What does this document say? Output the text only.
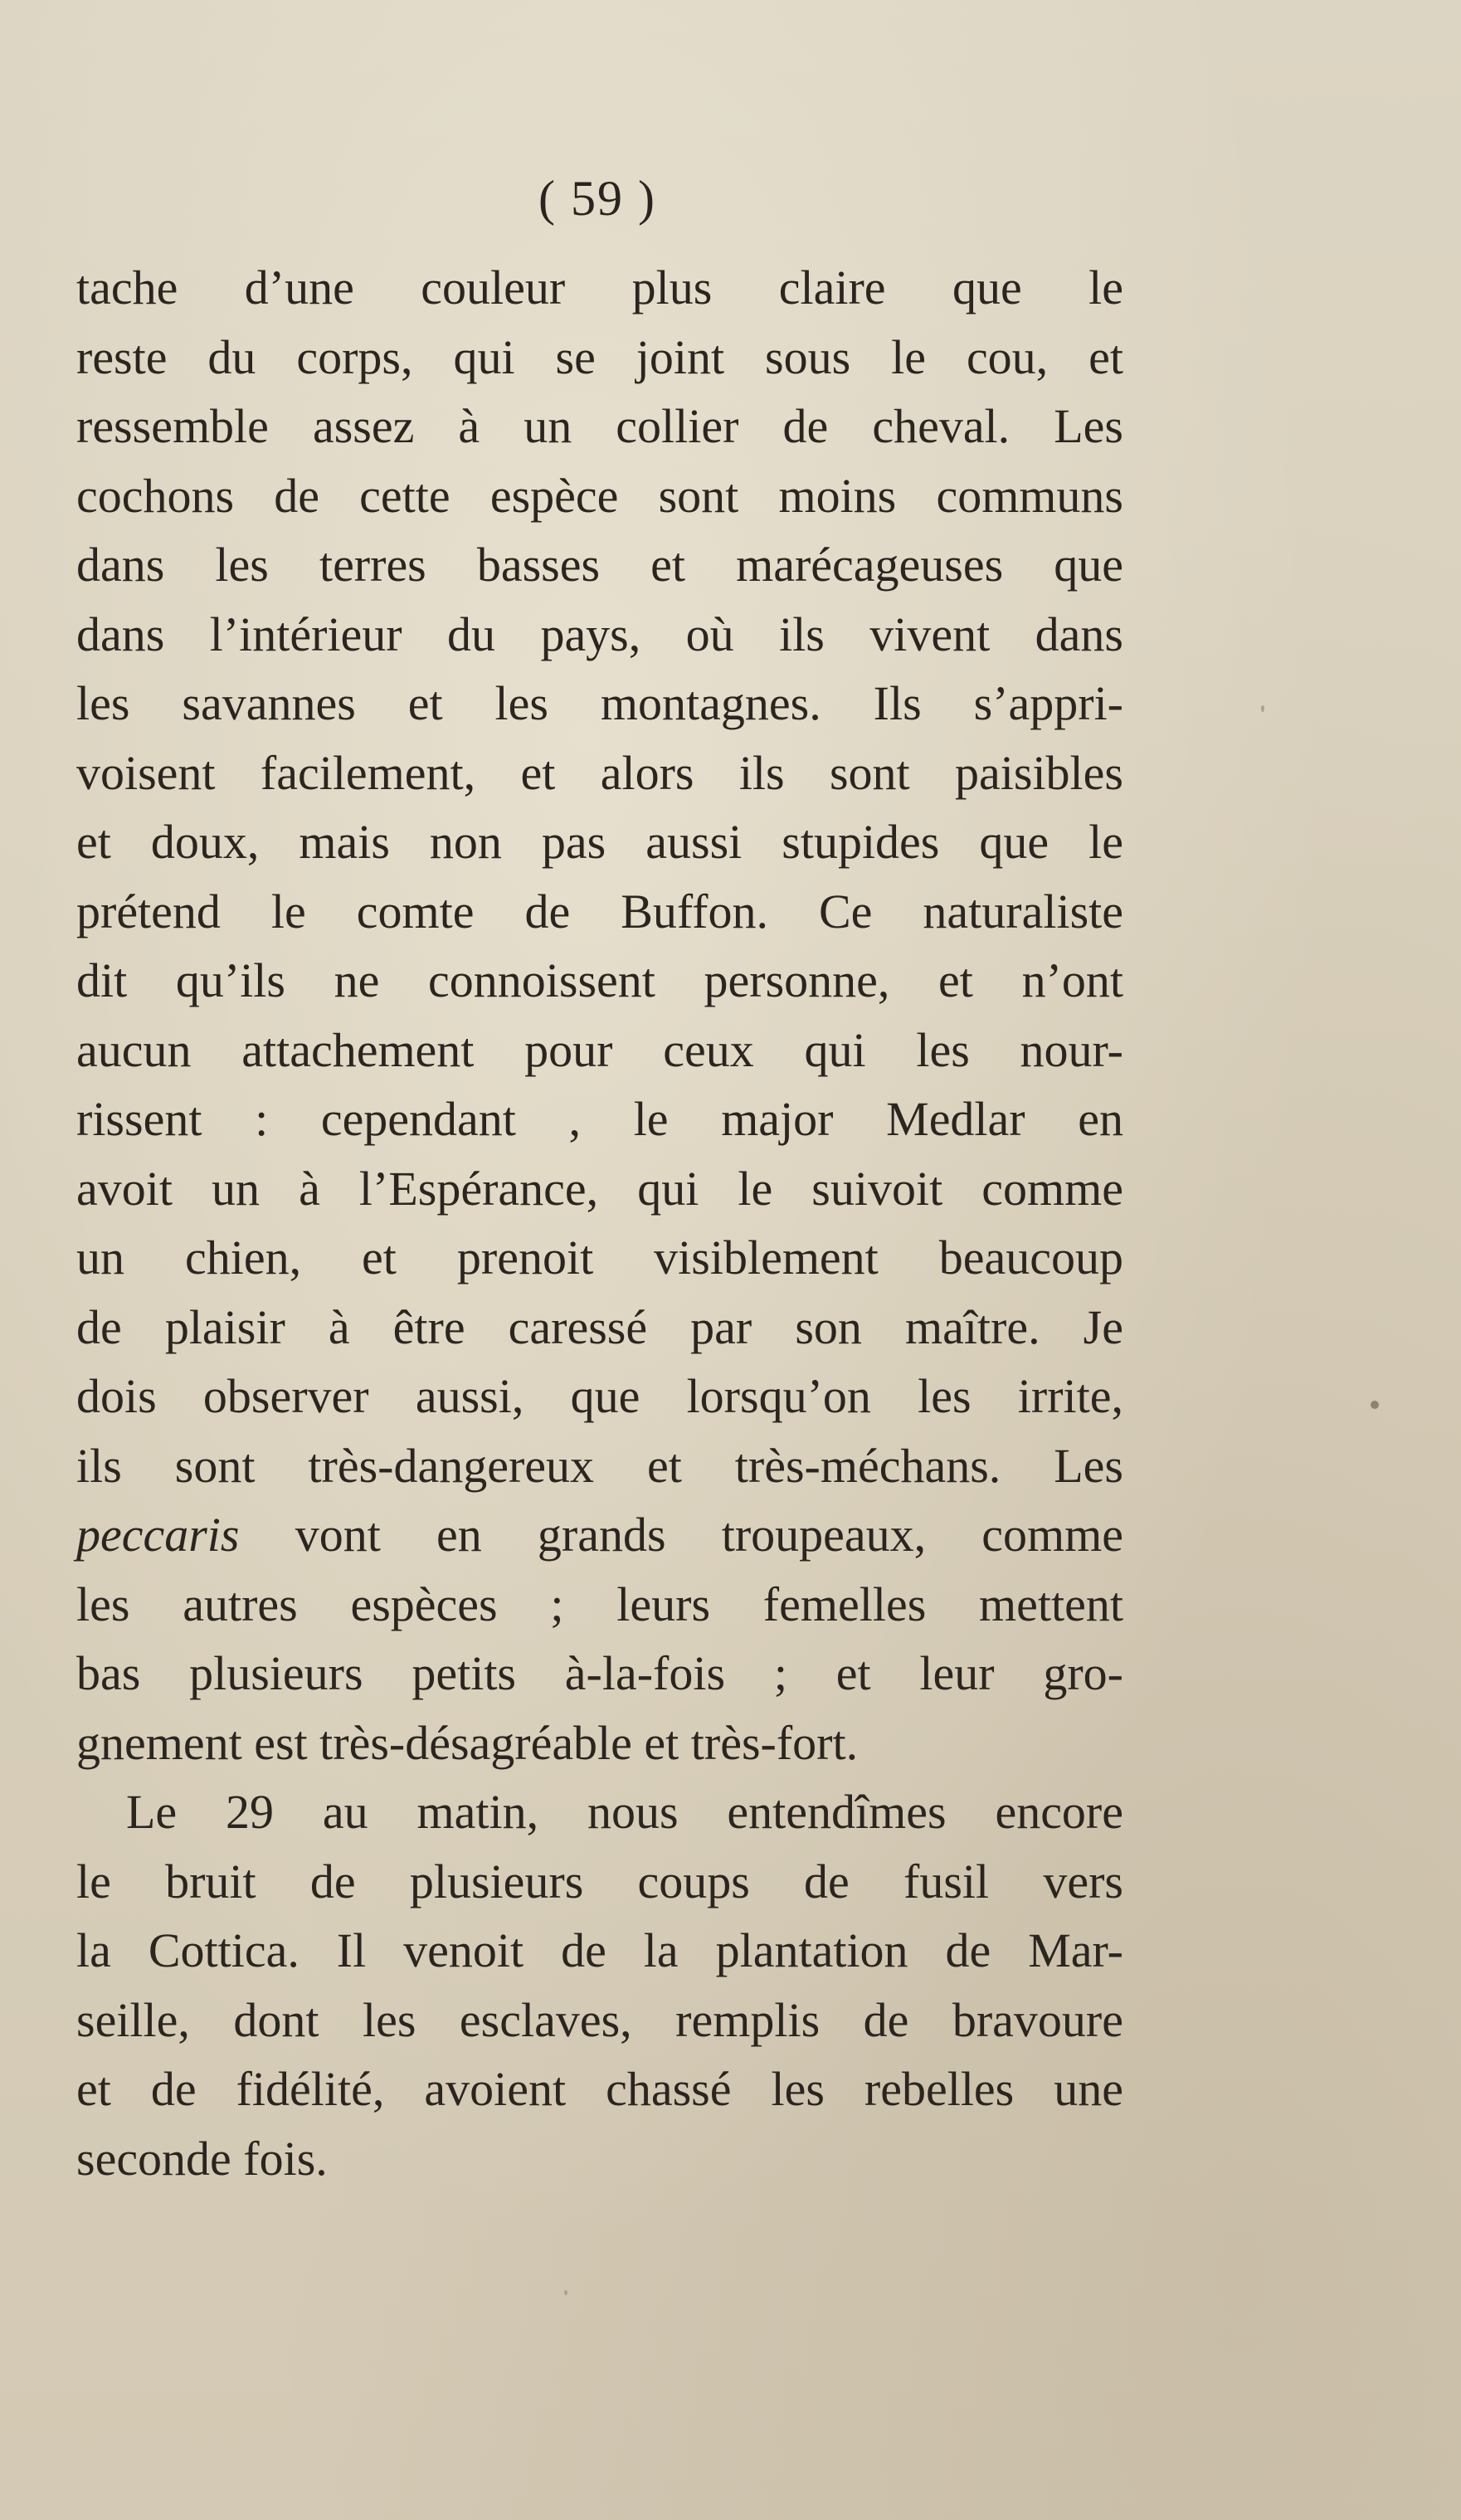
( 59 )
tache d’une couleur plus claire que le
reste du corps, qui se joint sous le cou, et
ressemble assez à un collier de cheval. Les
cochons de cette espèce sont moins communs
dans les terres basses et marécageuses que
dans l’intérieur du pays, où ils vivent dans
les savannes et les montagnes. Ils s’appri-
voisent facilement, et alors ils sont paisibles
et doux, mais non pas aussi stupides que le
prétend le comte de Buffon. Ce naturaliste
dit qu’ils ne connoissent personne, et n’ont
aucun attachement pour ceux qui les nour-
rissent : cependant , le major Medlar en
avoit un à l’Espérance, qui le suivoit comme
un chien, et prenoit visiblement beaucoup
de plaisir à être caressé par son maître. Je
dois observer aussi, que lorsqu’on les irrite,
ils sont très-dangereux et très-méchans. Les
peccaris vont en grands troupeaux, comme
les autres espèces ; leurs femelles mettent
bas plusieurs petits à-la-fois ; et leur gro-
gnement est très-désagréable et très-fort.
Le 29 au matin, nous entendîmes encore
le bruit de plusieurs coups de fusil vers
la Cottica. Il venoit de la plantation de Mar-
seille, dont les esclaves, remplis de bravoure
et de fidélité, avoient chassé les rebelles une
seconde fois.
